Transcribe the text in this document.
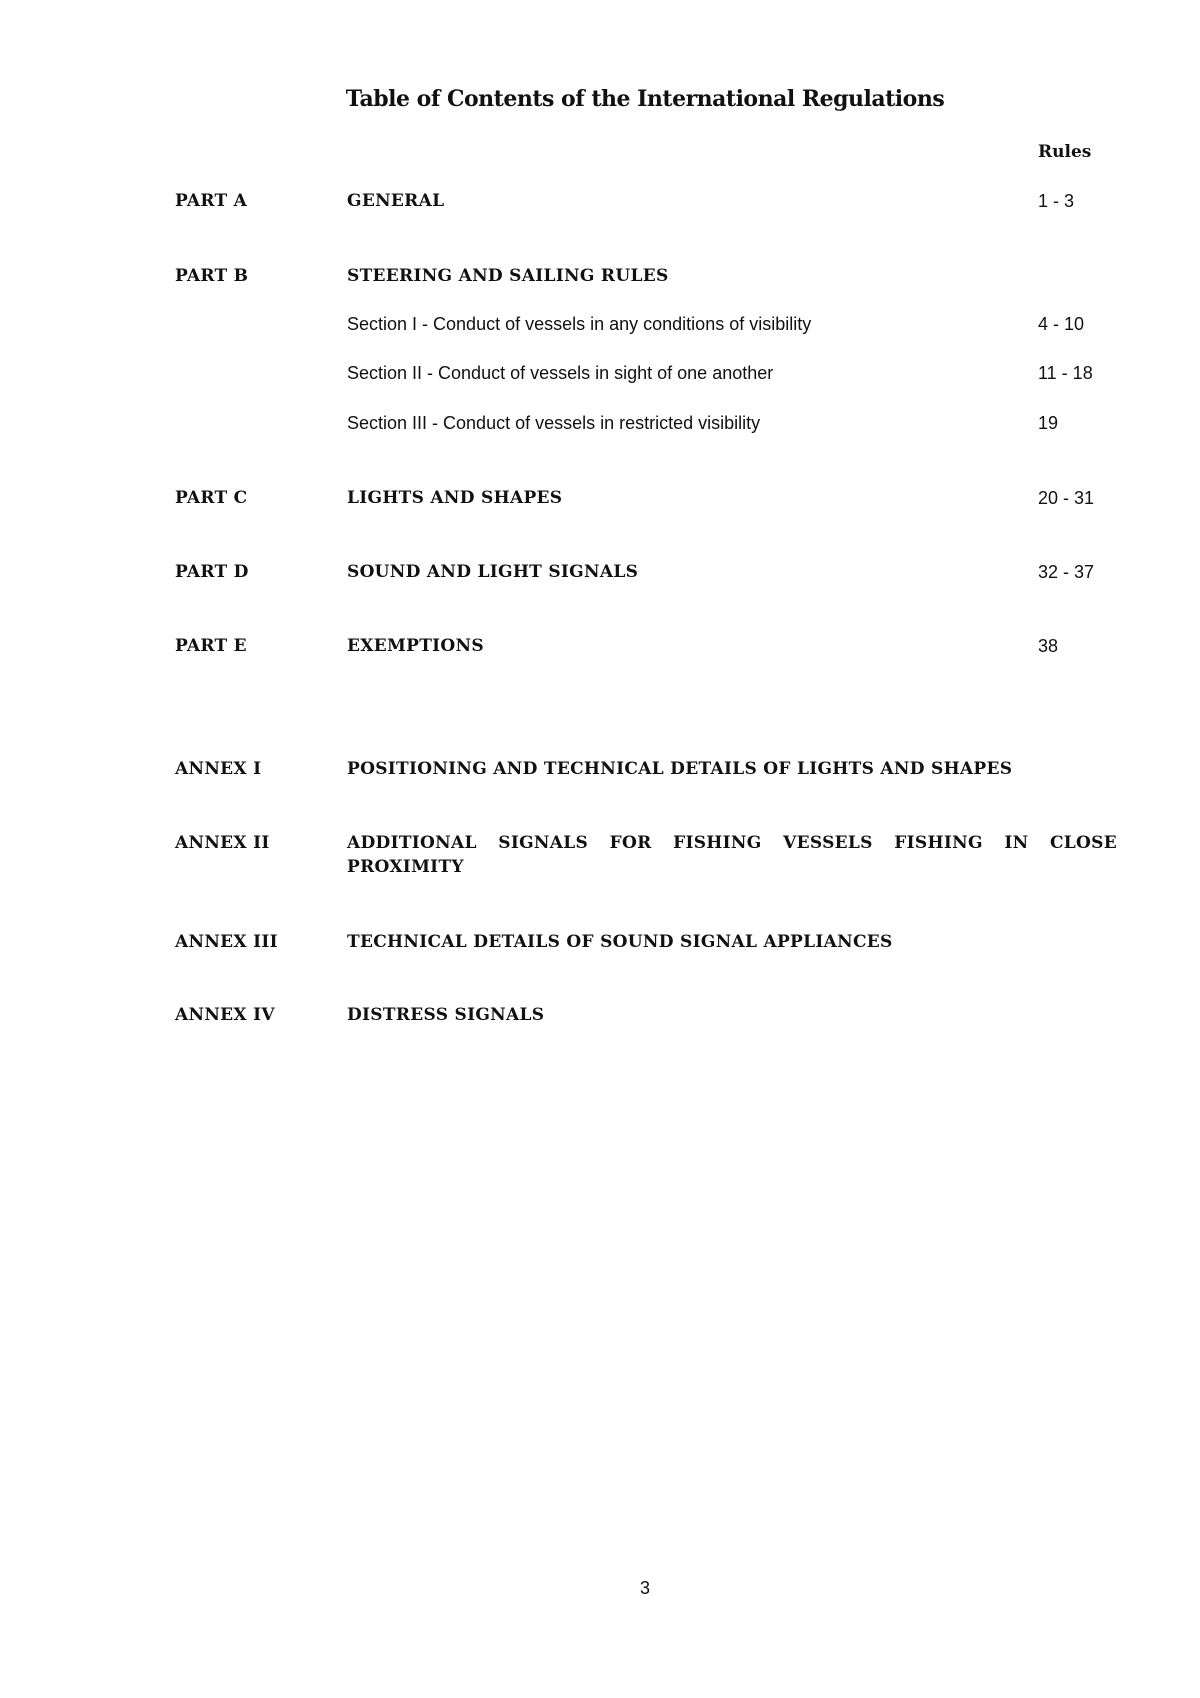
Table of Contents of the International Regulations
Rules
PART A	GENERAL	1 - 3
PART B	STEERING AND SAILING RULES
Section I - Conduct of vessels in any conditions of visibility	4 - 10
Section II - Conduct of vessels in sight of one another	11 - 18
Section III - Conduct of vessels in restricted visibility	19
PART C	LIGHTS AND SHAPES	20 - 31
PART D	SOUND AND LIGHT SIGNALS	32 - 37
PART E	EXEMPTIONS	38
ANNEX I	POSITIONING AND TECHNICAL DETAILS OF LIGHTS AND SHAPES
ANNEX II	ADDITIONAL SIGNALS FOR FISHING VESSELS FISHING IN CLOSE PROXIMITY
ANNEX III	TECHNICAL DETAILS OF SOUND SIGNAL APPLIANCES
ANNEX IV	DISTRESS SIGNALS
3
